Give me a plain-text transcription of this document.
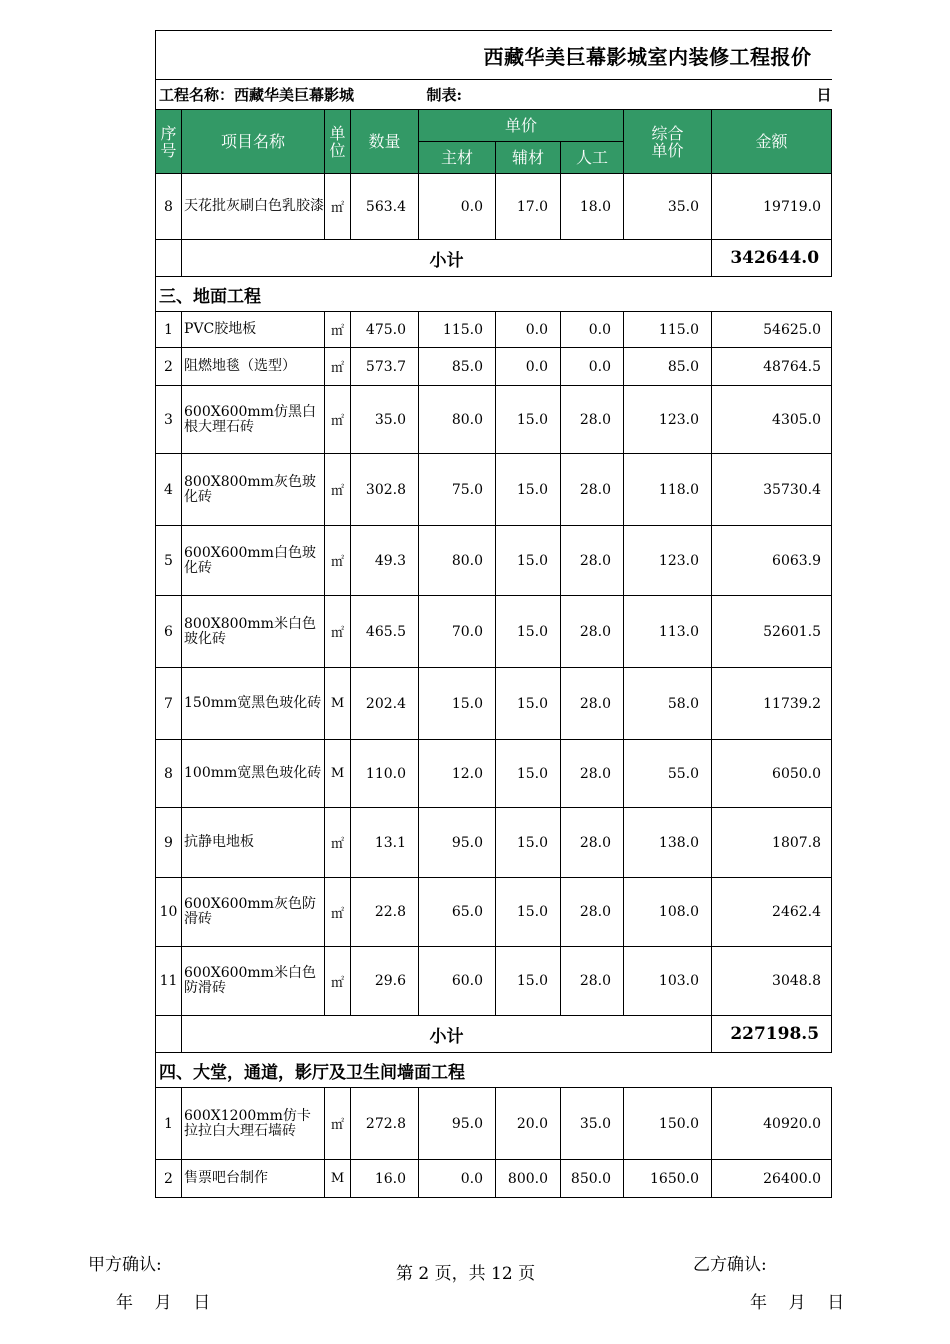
西藏华美巨幕影城室内装修工程报价								
工程名称：西藏华美巨幕影城				制表:			日	
序号	项目名称	单位	数量	单价			综合单价	金额
				主材	辅材	人工		
8	天花批灰刷白色乳胶漆	㎡	563.4	0.0	17.0	18.0	35.0	19719.0
	小计							342644.0
三、地面工程								
1	PVC胶地板	㎡	475.0	115.0	0.0	0.0	115.0	54625.0
2	阻燃地毯（选型）	㎡	573.7	85.0	0.0	0.0	85.0	48764.5
3	600X600mm仿黑白根大理石砖	㎡	35.0	80.0	15.0	28.0	123.0	4305.0
4	800X800mm灰色玻化砖	㎡	302.8	75.0	15.0	28.0	118.0	35730.4
5	600X600mm白色玻化砖	㎡	49.3	80.0	15.0	28.0	123.0	6063.9
6	800X800mm米白色玻化砖	㎡	465.5	70.0	15.0	28.0	113.0	52601.5
7	150mm宽黑色玻化砖	M	202.4	15.0	15.0	28.0	58.0	11739.2
8	100mm宽黑色玻化砖	M	110.0	12.0	15.0	28.0	55.0	6050.0
9	抗静电地板	㎡	13.1	95.0	15.0	28.0	138.0	1807.8
10	600X600mm灰色防滑砖	㎡	22.8	65.0	15.0	28.0	108.0	2462.4
11	600X600mm米白色防滑砖	㎡	29.6	60.0	15.0	28.0	103.0	3048.8
	小计							227198.5
四、大堂，通道，影厅及卫生间墙面工程								
1	600X1200mm仿卡拉拉白大理石墙砖	㎡	272.8	95.0	20.0	35.0	150.0	40920.0
2	售票吧台制作	M	16.0	0.0	800.0	850.0	1650.0	26400.0
甲方确认:	第 2 页，共 12 页	乙方确认:
年    月    日	年    月    日
